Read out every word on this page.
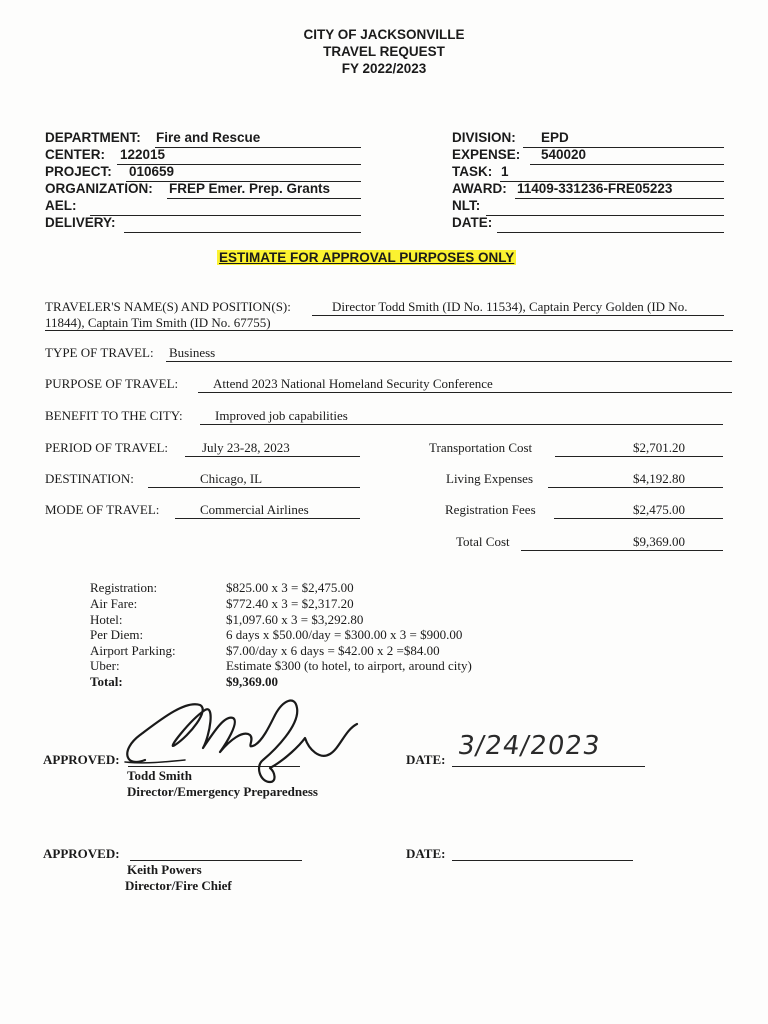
CITY OF JACKSONVILLE
TRAVEL REQUEST
FY 2022/2023
DEPARTMENT: Fire and Rescue
CENTER: 122015
PROJECT: 010659
ORGANIZATION: FREP Emer. Prep. Grants
AEL:
DELIVERY:
DIVISION: EPD
EXPENSE: 540020
TASK: 1
AWARD: 11409-331236-FRE05223
NLT:
DATE:
ESTIMATE FOR APPROVAL PURPOSES ONLY
TRAVELER'S NAME(S) AND POSITION(S):	Director Todd Smith (ID No. 11534), Captain Percy Golden (ID No.
11844), Captain Tim Smith (ID No. 67755)
TYPE OF TRAVEL: Business
PURPOSE OF TRAVEL:	Attend 2023 National Homeland Security Conference
BENEFIT TO THE CITY: Improved job capabilities
PERIOD OF TRAVEL:	July 23-28, 2023
DESTINATION:	Chicago, IL
MODE OF TRAVEL:	Commercial Airlines
Transportation Cost	$2,701.20
Living Expenses	$4,192.80
Registration Fees	$2,475.00
Total Cost	$9,369.00
Registration:	$825.00 x 3 = $2,475.00
Air Fare:	$772.40 x 3 = $2,317.20
Hotel:	$1,097.60 x 3 = $3,292.80
Per Diem:	6 days x $50.00/day = $300.00 x 3 = $900.00
Airport Parking:	$7.00/day x 6 days = $42.00 x 2 =$84.00
Uber:	Estimate $300 (to hotel, to airport, around city)
Total:	$9,369.00
APPROVED:
Todd Smith
Director/Emergency Preparedness
DATE: 3/24/2023
APPROVED:
Keith Powers
Director/Fire Chief
DATE:
